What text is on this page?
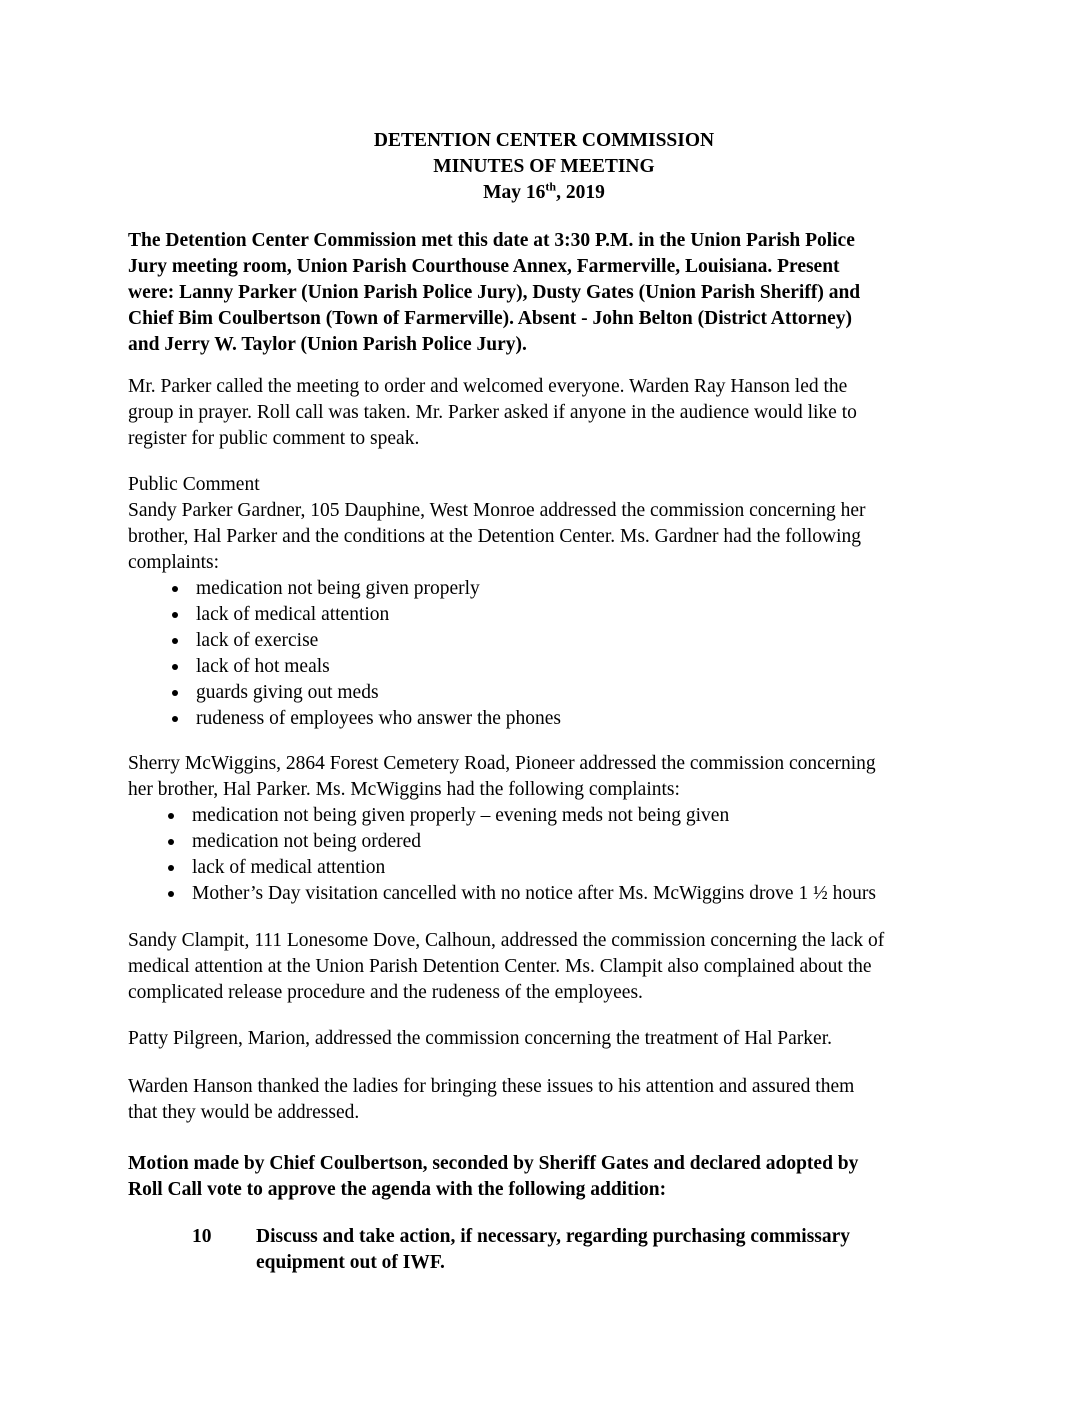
DETENTION CENTER COMMISSION
MINUTES OF MEETING
May 16th, 2019
The Detention Center Commission met this date at 3:30 P.M. in the Union Parish Police
Jury meeting room, Union Parish Courthouse Annex, Farmerville, Louisiana. Present
were: Lanny Parker (Union Parish Police Jury), Dusty Gates (Union Parish Sheriff) and
Chief Bim Coulbertson (Town of Farmerville). Absent - John Belton (District Attorney)
and Jerry W. Taylor (Union Parish Police Jury).
Mr. Parker called the meeting to order and welcomed everyone. Warden Ray Hanson led the
group in prayer. Roll call was taken. Mr. Parker asked if anyone in the audience would like to
register for public comment to speak.
Public Comment
Sandy Parker Gardner, 105 Dauphine, West Monroe addressed the commission concerning her
brother, Hal Parker and the conditions at the Detention Center. Ms. Gardner had the following
complaints:
medication not being given properly
lack of medical attention
lack of exercise
lack of hot meals
guards giving out meds
rudeness of employees who answer the phones
Sherry McWiggins, 2864 Forest Cemetery Road, Pioneer addressed the commission concerning
her brother, Hal Parker. Ms. McWiggins had the following complaints:
medication not being given properly – evening meds not being given
medication not being ordered
lack of medical attention
Mother’s Day visitation cancelled with no notice after Ms. McWiggins drove 1 ½ hours
Sandy Clampit, 111 Lonesome Dove, Calhoun, addressed the commission concerning the lack of
medical attention at the Union Parish Detention Center. Ms. Clampit also complained about the
complicated release procedure and the rudeness of the employees.
Patty Pilgreen, Marion, addressed the commission concerning the treatment of Hal Parker.
Warden Hanson thanked the ladies for bringing these issues to his attention and assured them
that they would be addressed.
Motion made by Chief Coulbertson, seconded by Sheriff Gates and declared adopted by
Roll Call vote to approve the agenda with the following addition:
10 Discuss and take action, if necessary, regarding purchasing commissary
equipment out of IWF.
